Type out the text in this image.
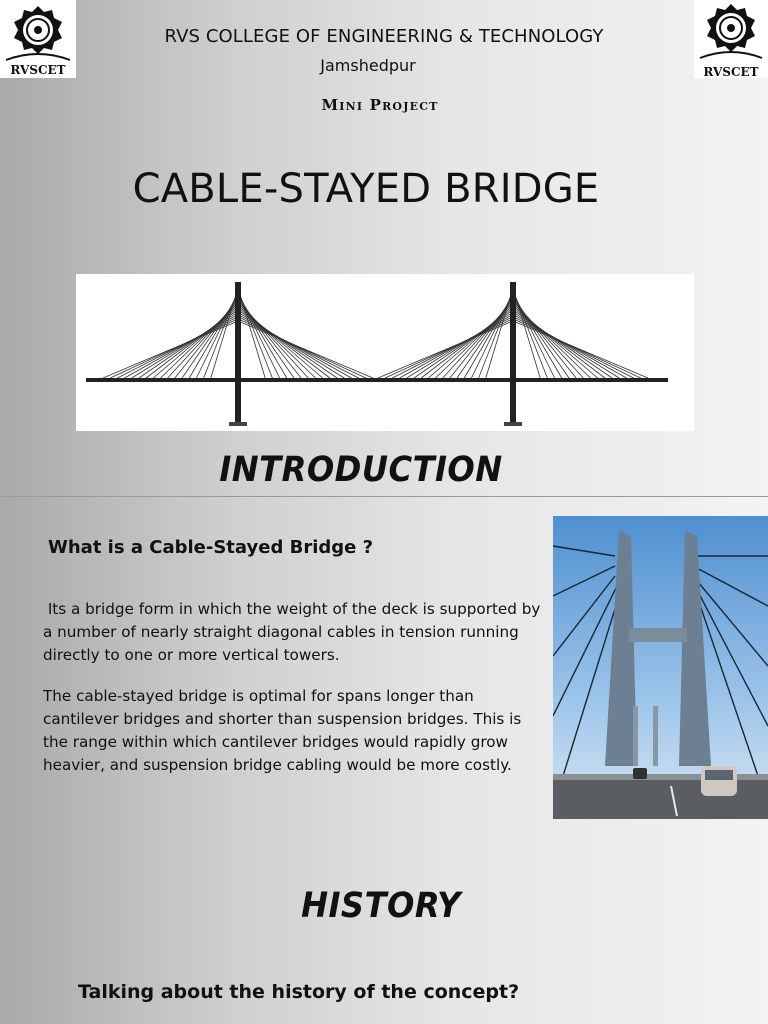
RVSCET	RVSCET
RVS COLLEGE OF ENGINEERING & TECHNOLOGY
Jamshedpur
Mini Project
CABLE-STAYED BRIDGE
INTRODUCTION
What is a Cable-Stayed Bridge ?
Its a bridge form in which the weight of the deck is supported by a number of nearly straight diagonal cables in tension running directly to one or more vertical towers.
The cable-stayed bridge is optimal for spans longer than cantilever bridges and shorter than suspension bridges. This is the range within which cantilever bridges would rapidly grow heavier, and suspension bridge cabling would be more costly.
HISTORY
Talking about the history of the concept?
